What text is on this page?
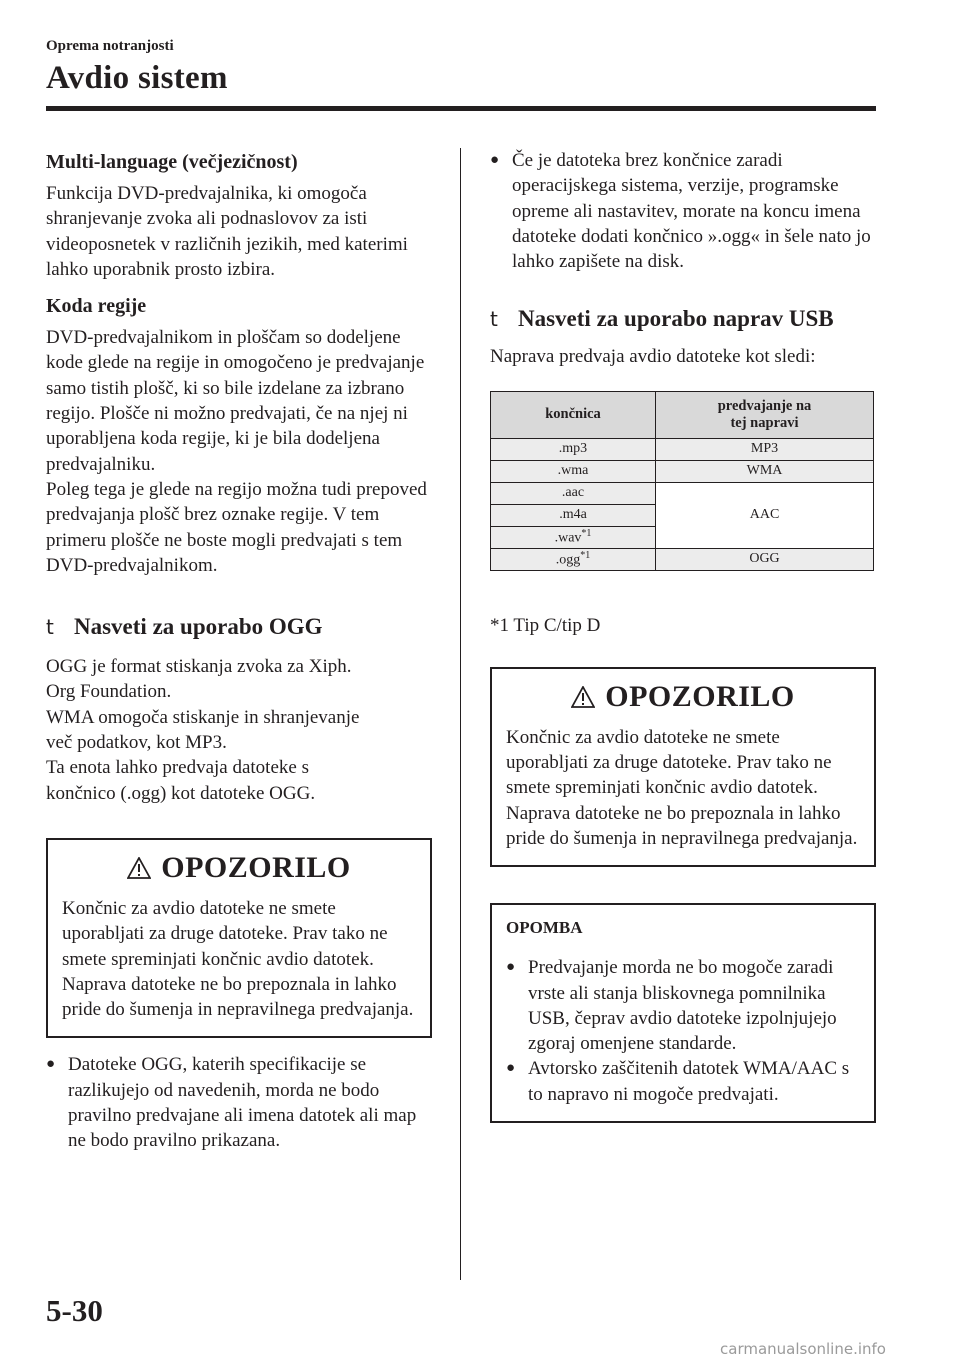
Oprema notranjosti
Avdio sistem
Multi-language (večjezičnost)

Funkcija DVD-predvajalnika, ki omogoča shranjevanje zvoka ali podnaslovov za isti videoposnetek v različnih jezikih, med katerimi lahko uporabnik prosto izbira.

Koda regije

DVD-predvajalnikom in ploščam so dodeljene kode glede na regije in omogočeno je predvajanje samo tistih plošč, ki so bile izdelane za izbrano regijo. Plošče ni možno predvajati, če na njej ni uporabljena koda regije, ki je bila dodeljena predvajalniku.

Poleg tega je glede na regijo možna tudi prepoved predvajanja plošč brez oznake regije. V tem primeru plošče ne boste mogli predvajati s tem DVD-predvajalnikom.

t Nasveti za uporabo OGG
OGG je format stiskanja zvoka za Xiph.
Org Foundation.
WMA omogoča stiskanje in shranjevanje
več podatkov, kot MP3.
Ta enota lahko predvaja datoteke s
končnico (.ogg) kot datoteke OGG.
OPOZORILO
Končnic za avdio datoteke ne smete uporabljati za druge datoteke. Prav tako ne smete spreminjati končnic avdio datotek. Naprava datoteke ne bo prepoznala in lahko pride do šumenja in nepravilnega predvajanja.
● Datoteke OGG, katerih specifikacije se razlikujejo od navedenih, morda ne bodo pravilno predvajane ali imena datotek ali map ne bodo pravilno prikazana.
● Če je datoteka brez končnice zaradi operacijskega sistema, verzije, programske opreme ali nastavitev, morate na koncu imena datoteke dodati končnico ».ogg« in šele nato jo lahko zapišete na disk.
t Nasveti za uporabo naprav USB

Naprava predvaja avdio datoteke kot sledi:

končnica	predvajanje na
tej napravi
.mp3	MP3
.wma	WMA
.aac	AAC
.m4a	
.wav$^{*1}$
.ogg$^{*1}$	OGG
*1 Tip C/tip D
OPOZORILO
Končnic za avdio datoteke ne smete uporabljati za druge datoteke. Prav tako ne smete spreminjati končnic avdio datotek. Naprava datoteke ne bo prepoznala in lahko pride do šumenja in nepravilnega predvajanja.
OPOMBA
● Predvajanje morda ne bo mogoče zaradi vrste ali stanja bliskovnega pomnilnika USB, čeprav avdio datoteke izpolnjujejo zgoraj omenjene standarde.
● Avtorsko zaščitenih datotek WMA/AAC s to napravo ni mogoče predvajati.
5-30
carmanualsonline.info
